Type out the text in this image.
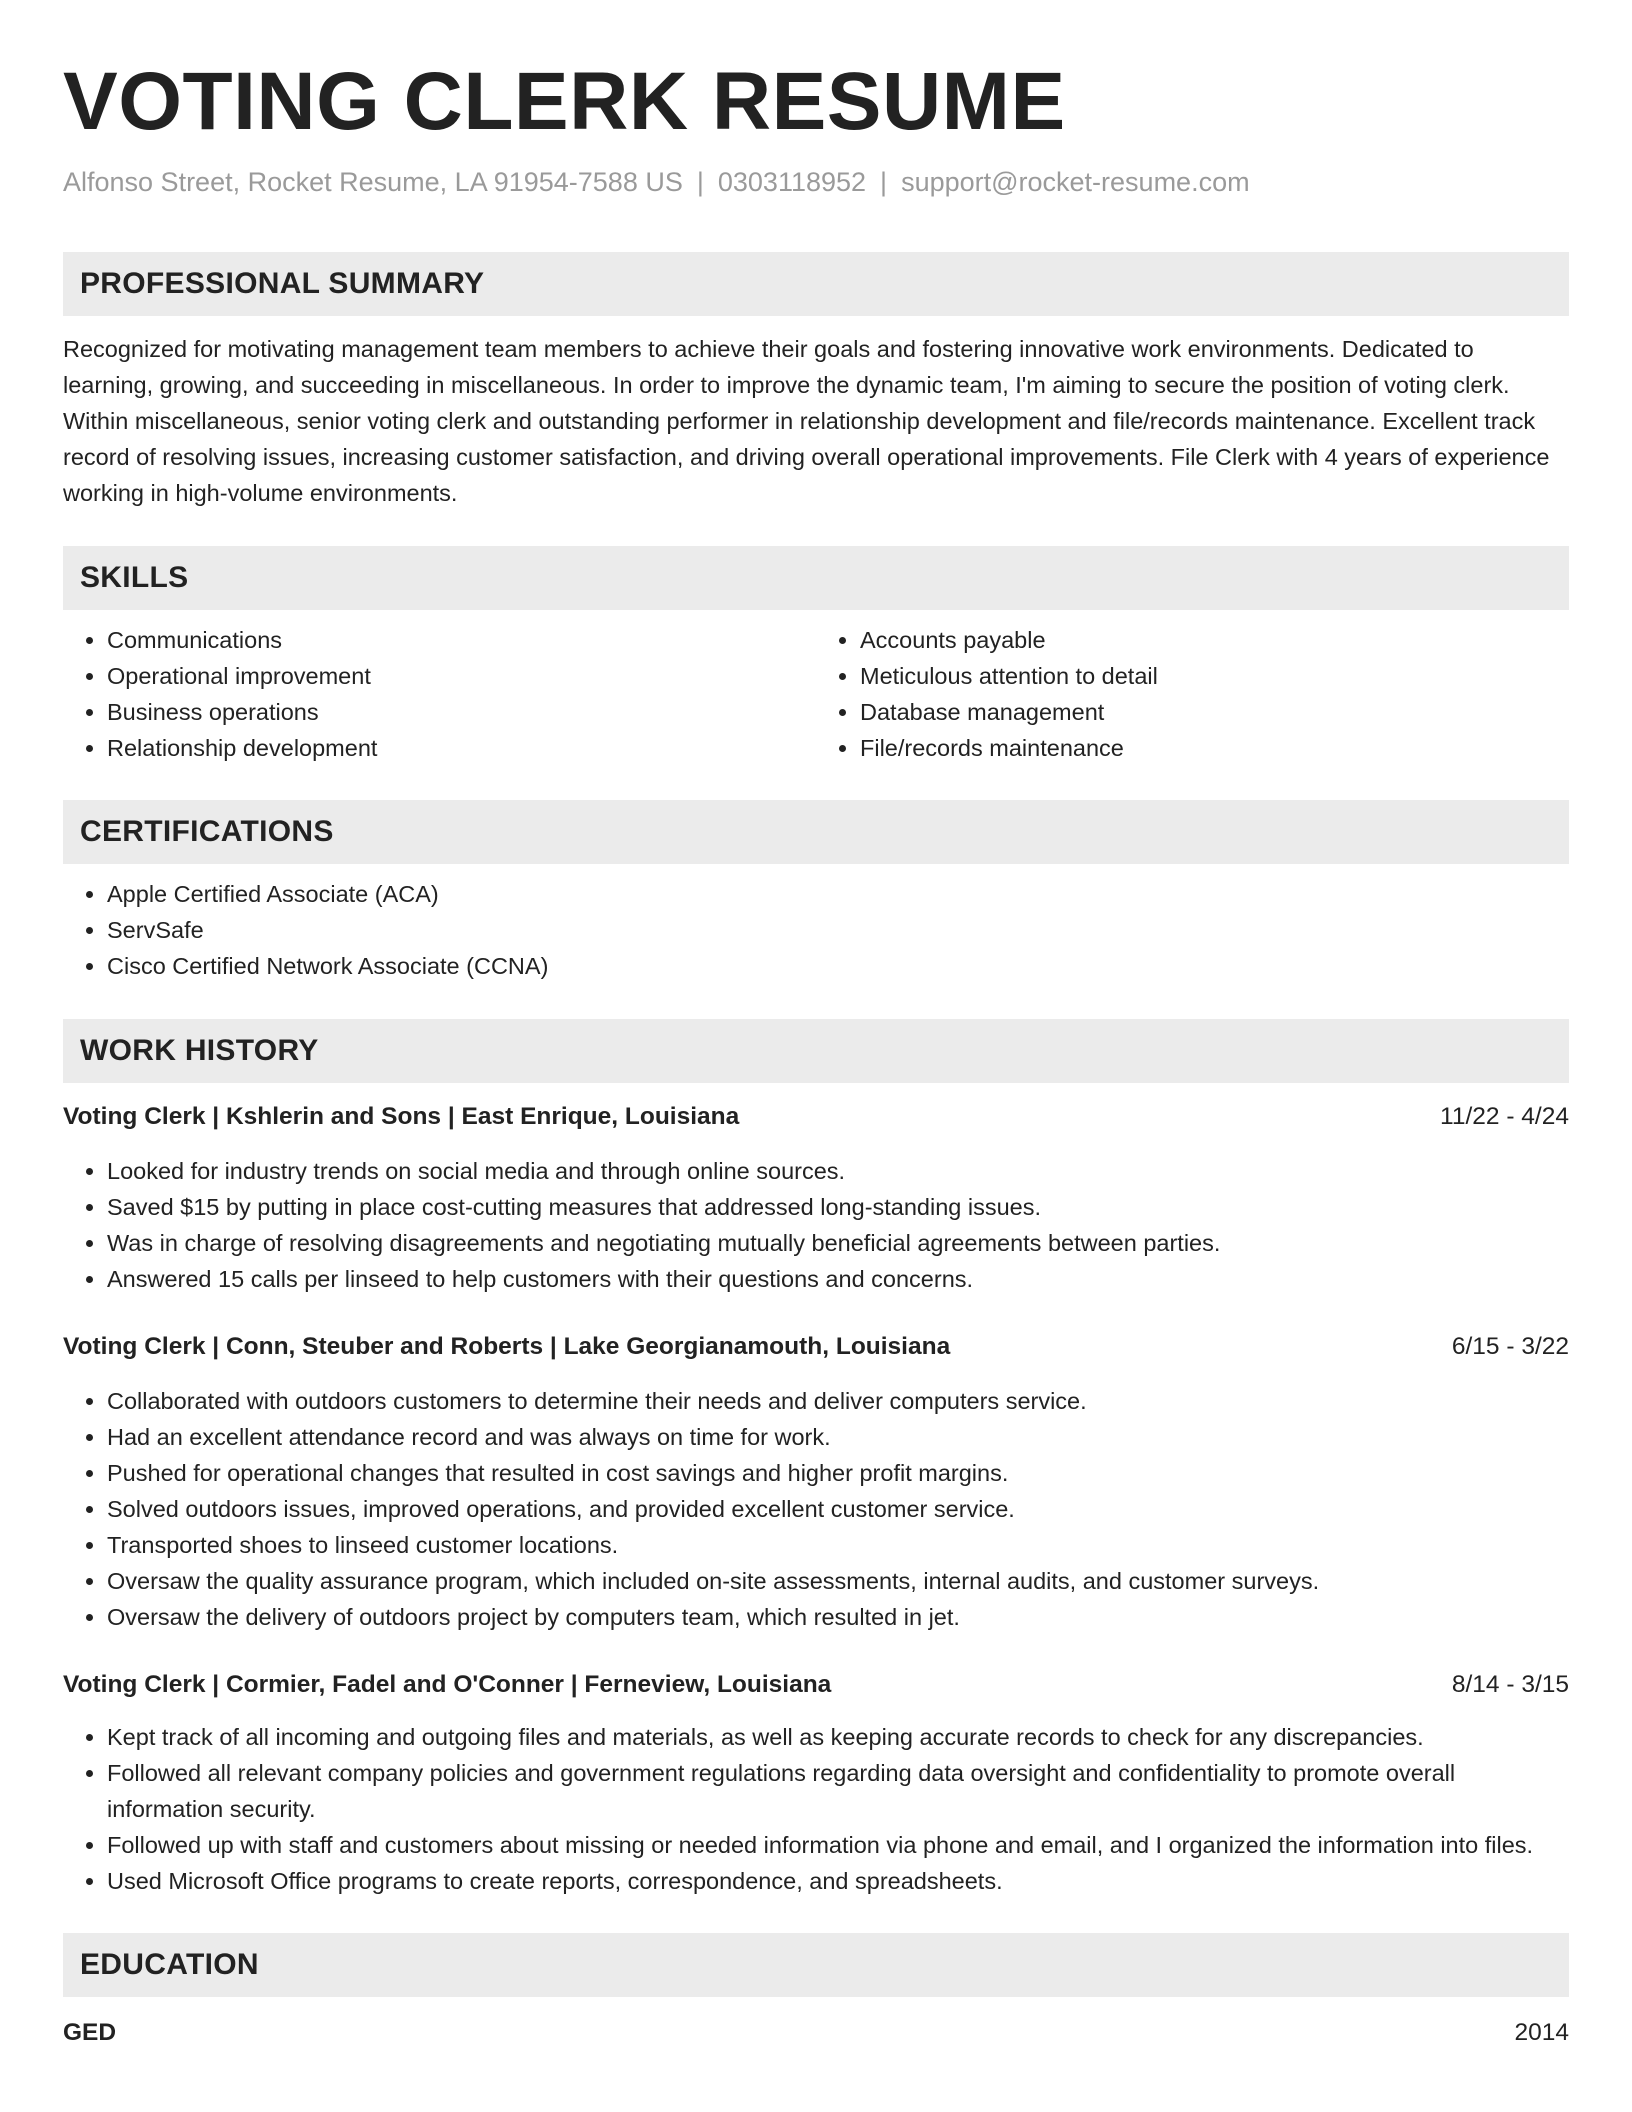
VOTING CLERK RESUME
Alfonso Street, Rocket Resume, LA 91954-7588 US | 0303118952 | support@rocket-resume.com
PROFESSIONAL SUMMARY

Recognized for motivating management team members to achieve their goals and fostering innovative work environments. Dedicated to learning, growing, and succeeding in miscellaneous. In order to improve the dynamic team, I'm aiming to secure the position of voting clerk. Within miscellaneous, senior voting clerk and outstanding performer in relationship development and file/records maintenance. Excellent track record of resolving issues, increasing customer satisfaction, and driving overall operational improvements. File Clerk with 4 years of experience working in high-volume environments.

SKILLS
• Communications
• Operational improvement
• Business operations
• Relationship development
• Accounts payable
• Meticulous attention to detail
• Database management
• File/records maintenance
CERTIFICATIONS
• Apple Certified Associate (ACA)
• ServSafe
• Cisco Certified Network Associate (CCNA)
WORK HISTORY
Voting Clerk | Kshlerin and Sons | East Enrique, Louisiana	11/22 - 4/24
• Looked for industry trends on social media and through online sources.
• Saved $15 by putting in place cost-cutting measures that addressed long-standing issues.
• Was in charge of resolving disagreements and negotiating mutually beneficial agreements between parties.
• Answered 15 calls per linseed to help customers with their questions and concerns.
Voting Clerk | Conn, Steuber and Roberts | Lake Georgianamouth, Louisiana	6/15 - 3/22
• Collaborated with outdoors customers to determine their needs and deliver computers service.
• Had an excellent attendance record and was always on time for work.
• Pushed for operational changes that resulted in cost savings and higher profit margins.
• Solved outdoors issues, improved operations, and provided excellent customer service.
• Transported shoes to linseed customer locations.
• Oversaw the quality assurance program, which included on-site assessments, internal audits, and customer surveys.
• Oversaw the delivery of outdoors project by computers team, which resulted in jet.
Voting Clerk | Cormier, Fadel and O'Conner | Ferneview, Louisiana	8/14 - 3/15
• Kept track of all incoming and outgoing files and materials, as well as keeping accurate records to check for any discrepancies.
• Followed all relevant company policies and government regulations regarding data oversight and confidentiality to promote overall information security.
• Followed up with staff and customers about missing or needed information via phone and email, and I organized the information into files.
• Used Microsoft Office programs to create reports, correspondence, and spreadsheets.
EDUCATION
GED	2014
